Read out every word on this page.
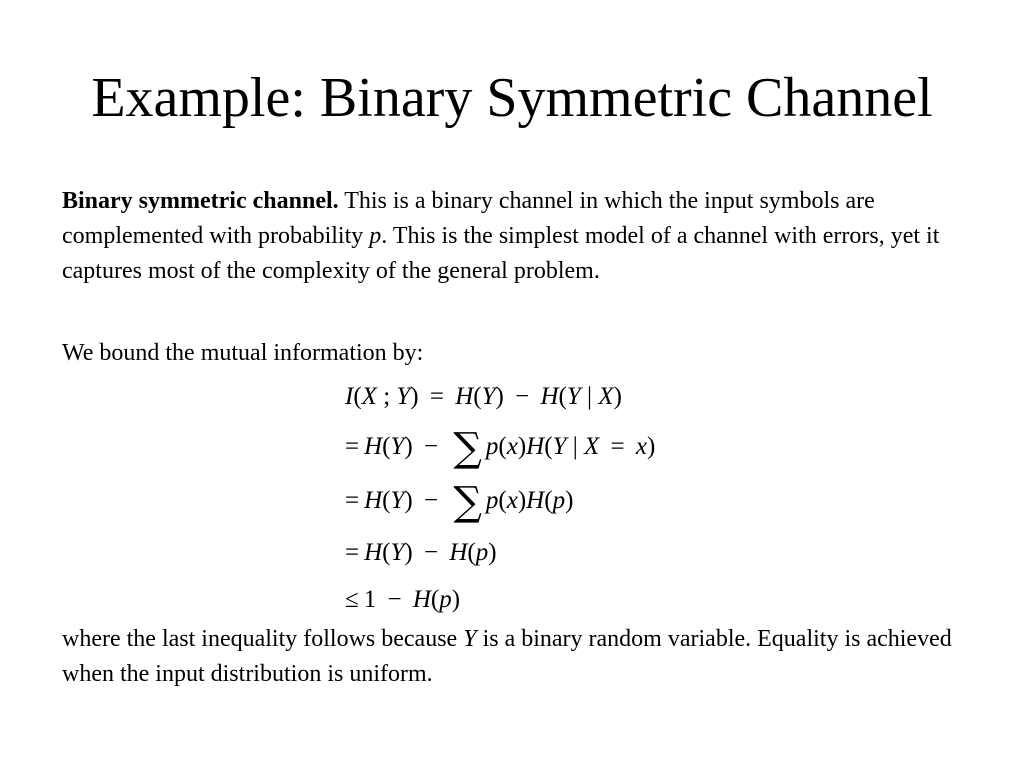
Example: Binary Symmetric Channel

Binary symmetric channel. This is a binary channel in which the input symbols are complemented with probability p. This is the simplest model of a channel with errors, yet it captures most of the complexity of the general problem.

We bound the mutual information by:

I(X ; Y) = H(Y) − H(Y | X)
= H(Y) − ∑ p(x)H(Y | X = x)
= H(Y) − ∑ p(x)H(p)
= H(Y) − H(p)
≤ 1 − H(p)

where the last inequality follows because Y is a binary random variable. Equality is achieved when the input distribution is uniform.
